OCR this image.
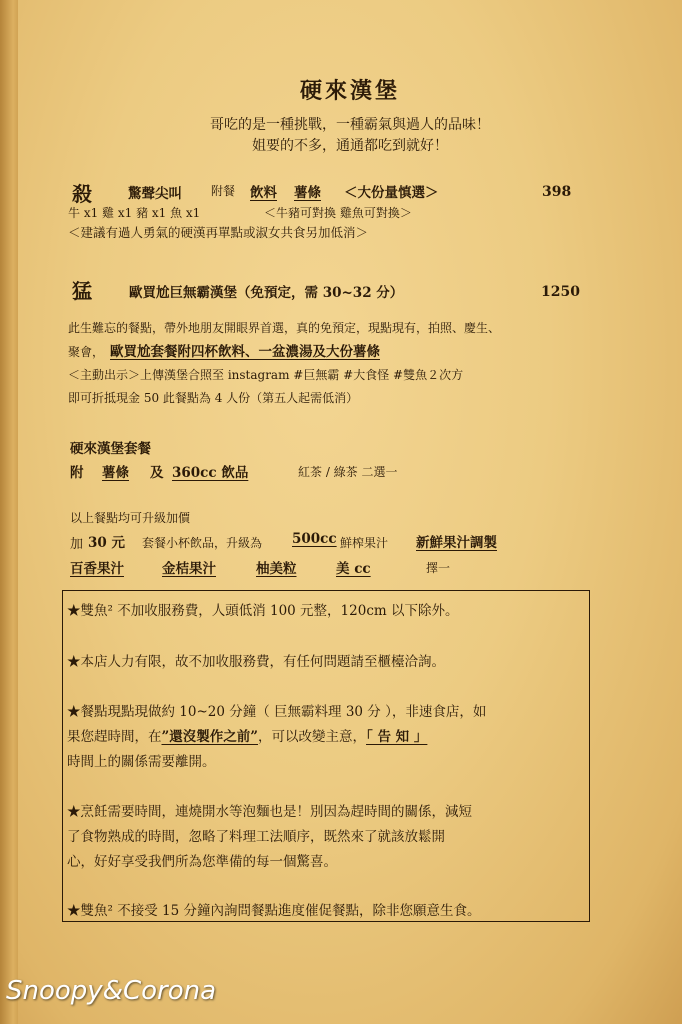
硬來漢堡
哥吃的是一種挑戰，一種霸氣與過人的品味！
姐要的不多，通通都吃到就好！
殺	驚聲尖叫 附餐 飲料 薯條 ＜大份量慎選＞	398
牛 x1 雞 x1 豬 x1 魚 x1	＜牛豬可對換 雞魚可對換＞
＜建議有過人勇氣的硬漢再單點或淑女共食另加低消＞
猛	歐買尬巨無霸漢堡（免預定，需 30~32 分）	1250
此生難忘的餐點，帶外地朋友開眼界首選，真的免預定，現點現有，拍照、慶生、
聚會， 歐買尬套餐附四杯飲料、一盆濃湯及大份薯條
＜主動出示＞上傳漢堡合照至 instagram #巨無霸 #大食怪 #雙魚２次方
即可折抵現金 50 此餐點為 4 人份（第五人起需低消）
硬來漢堡套餐
附 薯條 及 360cc 飲品	紅茶 / 綠茶 二選一
以上餐點均可升級加價
加 30 元 套餐小杯飲品，升級為 500cc 鮮榨果汁 新鮮果汁調製
百香果汁	金桔果汁	柚美粒	美 cc	擇一
★雙魚² 不加收服務費，人頭低消 100 元整，120cm 以下除外。
★本店人力有限，故不加收服務費，有任何問題請至櫃檯洽詢。
★餐點現點現做約 10~20 分鐘（ 巨無霸料理 30 分 ），非速食店，如
果您趕時間，在”還沒製作之前”，可以改變主意，「 告 知 」
時間上的關係需要離開。
★烹飪需要時間，連燒開水等泡麵也是！別因為趕時間的關係，減短
了食物熟成的時間，忽略了料理工法順序，既然來了就該放鬆開
心，好好享受我們所為您準備的每一個驚喜。
★雙魚² 不接受 15 分鐘內詢問餐點進度催促餐點，除非您願意生食。
Snoopy&Corona
